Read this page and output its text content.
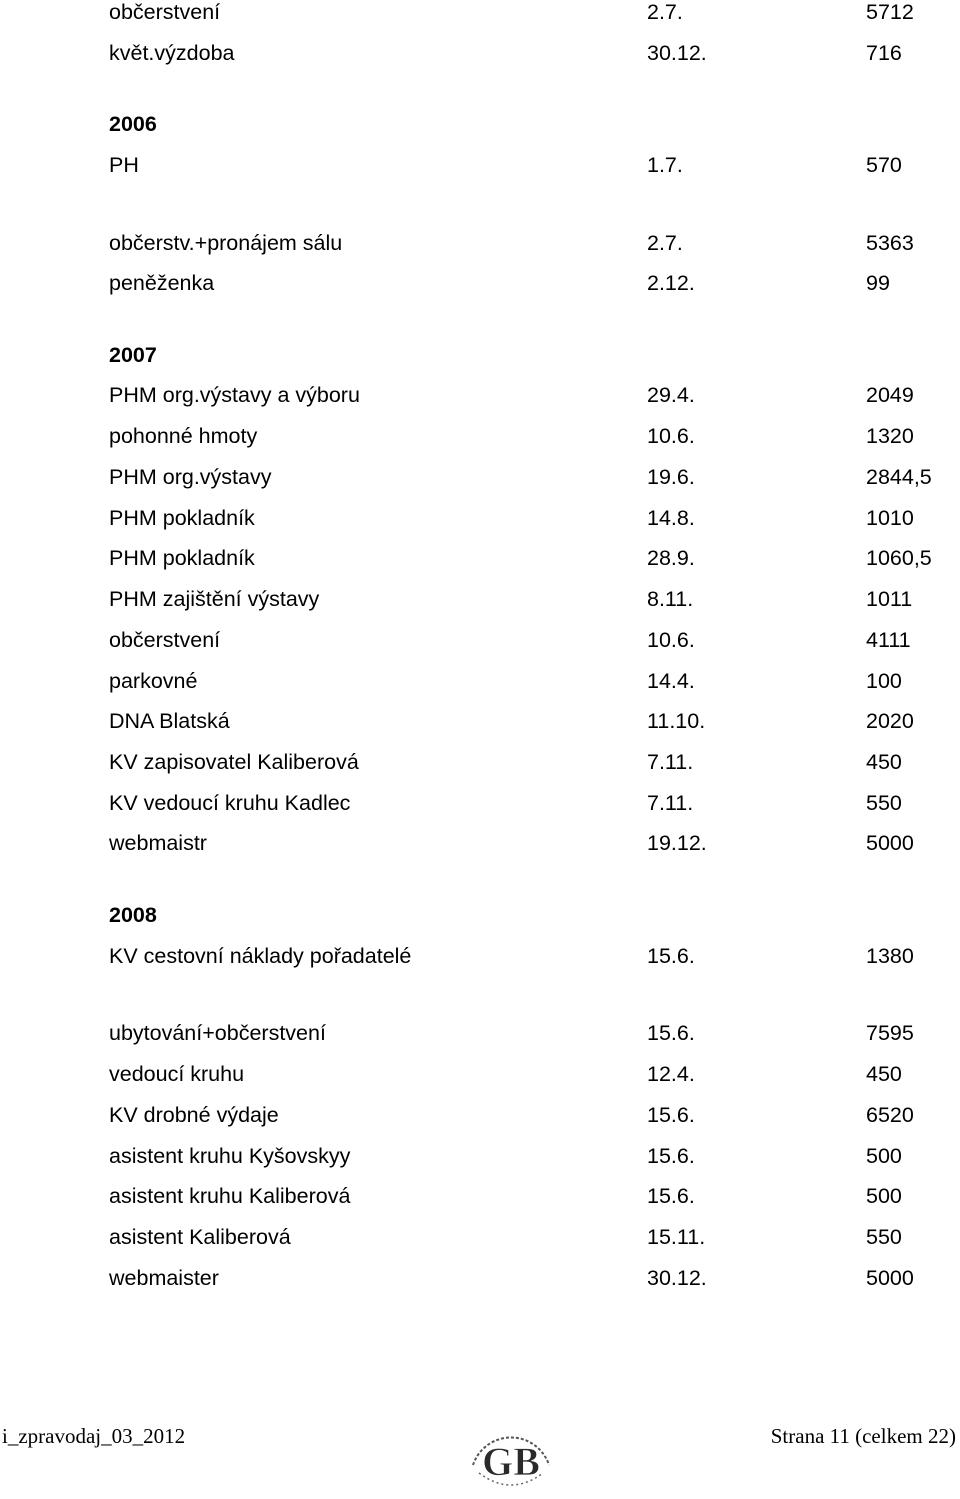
občerstvení	2.7.	5712
květ.výzdoba	30.12.	716
2006
PH	1.7.	570
občerstv.+pronájem sálu	2.7.	5363
peněženka	2.12.	99
2007
PHM org.výstavy a výboru	29.4.	2049
pohonné hmoty	10.6.	1320
PHM org.výstavy	19.6.	2844,5
PHM pokladník	14.8.	1010
PHM pokladník	28.9.	1060,5
PHM zajištění výstavy	8.11.	1011
občerstvení	10.6.	4111
parkovné	14.4.	100
DNA Blatská	11.10.	2020
KV zapisovatel Kaliberová	7.11.	450
KV vedoucí kruhu Kadlec	7.11.	550
webmaistr	19.12.	5000
2008
KV cestovní náklady pořadatelé	15.6.	1380
ubytování+občerstvení	15.6.	7595
vedoucí kruhu	12.4.	450
KV drobné výdaje	15.6.	6520
asistent kruhu Kyšovskyy	15.6.	500
asistent kruhu Kaliberová	15.6.	500
asistent Kaliberová	15.11.	550
webmaister	30.12.	5000
i_zpravodaj_03_2012	Strana 11 (celkem 22)
GB
